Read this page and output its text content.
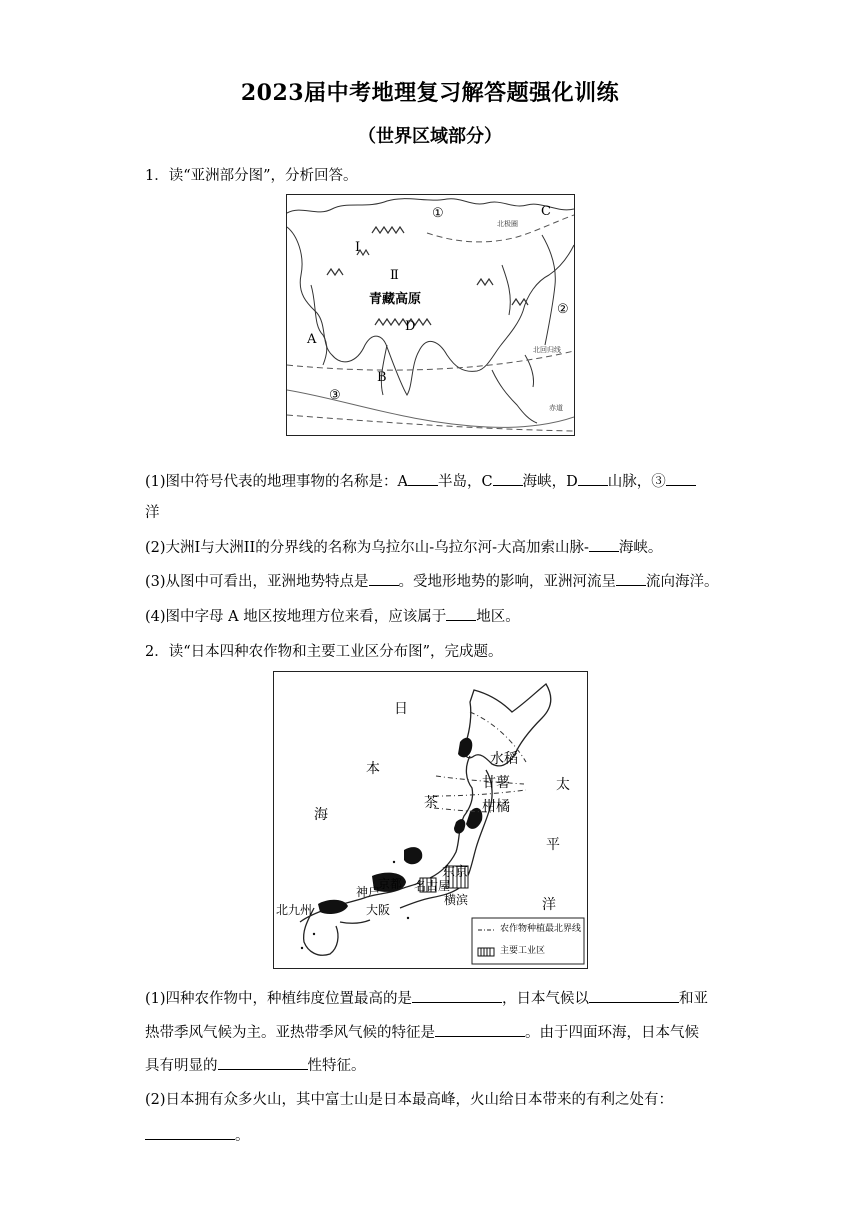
2023届中考地理复习解答题强化训练
（世界区域部分）
1．读“亚洲部分图”，分析回答。
①	C
北极圈
I
Ⅱ
青藏高原
②
D
A
北回归线
B
③
赤道
(1)图中符号代表的地理事物的名称是：A 半岛，C 海峡，D 山脉，③
洋
(2)大洲I与大洲II的分界线的名称为乌拉尔山-乌拉尔河-大高加索山脉- 海峡。
(3)从图中可看出，亚洲地势特点是 。受地形地势的影响，亚洲河流呈 流向海洋。
(4)图中字母 A 地区按地理方位来看，应该属于 地区。
2．读“日本四种农作物和主要工业区分布图”，完成题。
日
本
海
水稻
甘薯	太
茶	柑橘
平
东京
京都 名古屋
神户
横滨
大阪
北九州	洋
农作物种植最北界线
主要工业区
(1)四种农作物中，种植纬度位置最高的是	，日本气候以	和亚
热带季风气候为主。亚热带季风气候的特征是	。由于四面环海，日本气候
具有明显的	性特征。
(2)日本拥有众多火山，其中富士山是日本最高峰，火山给日本带来的有利之处有：
。
